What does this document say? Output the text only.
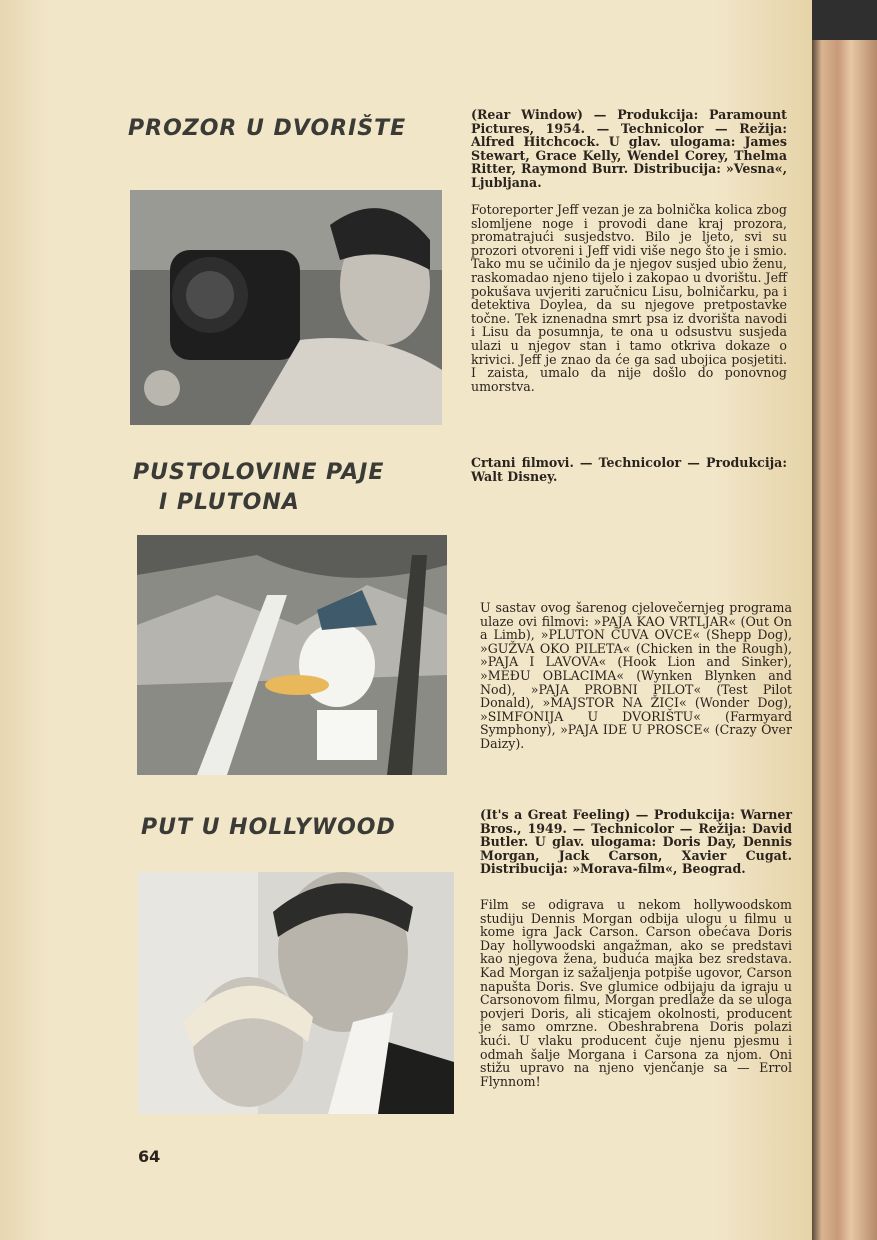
PROZOR U DVORIŠTE

(Rear Window) — Produkcija: Paramount Pictures, 1954. — Technicolor — Režija: Alfred Hitchcock. U glav. ulogama: James Stewart, Grace Kelly, Wendel Corey, Thelma Ritter, Raymond Burr. Distribucija: »Vesna«, Ljubljana.

Fotoreporter Jeff vezan je za bolnička kolica zbog slomljene noge i provodi dane kraj prozora, promatrajući susjedstvo. Bilo je ljeto, svi su prozori otvoreni i Jeff vidi više nego što je i smio. Tako mu se učinilo da je njegov susjed ubio ženu, raskomadao njeno tijelo i zakopao u dvorištu. Jeff pokušava uvjeriti zaručnicu Lisu, bolničarku, pa i detektiva Doylea, da su njegove pretpostavke točne. Tek iznenadna smrt psa iz dvorišta navodi i Lisu da posumnja, te ona u odsustvu susjeda ulazi u njegov stan i tamo otkriva dokaze o krivici. Jeff je znao da će ga sad ubojica posjetiti. I zaista, umalo da nije došlo do ponovnog umorstva.

PUSTOLOVINE PAJE
I PLUTONA

Crtani filmovi. — Technicolor — Produkcija: Walt Disney.

U sastav ovog šarenog cjelovečernjeg programa ulaze ovi filmovi: »PAJA KAO VRTLJAR« (Out On a Limb), »PLUTON ČUVA OVCE« (Shepp Dog), »GUŽVA OKO PILETA« (Chicken in the Rough), »PAJA I LAVOVA« (Hook Lion and Sinker), »MEĐU OBLACIMA« (Wynken Blynken and Nod), »PAJA PROBNI PILOT« (Test Pilot Donald), »MAJSTOR NA ŽICI« (Wonder Dog), »SIMFONIJA U DVORIŠTU« (Farmyard Symphony), »PAJA IDE U PROSCE« (Crazy Over Daizy).

PUT U HOLLYWOOD

(It's a Great Feeling) — Produkcija: Warner Bros., 1949. — Technicolor — Režija: David Butler. U glav. ulogama: Doris Day, Dennis Morgan, Jack Carson, Xavier Cugat. Distribucija: »Morava-film«, Beograd.

Film se odigrava u nekom hollywoodskom studiju Dennis Morgan odbija ulogu u filmu u kome igra Jack Carson. Carson obećava Doris Day hollywoodski angažman, ako se predstavi kao njegova žena, buduća majka bez sredstava. Kad Morgan iz sažaljenja potpiše ugovor, Carson napušta Doris. Sve glumice odbijaju da igraju u Carsonovom filmu, Morgan predlaže da se uloga povjeri Doris, ali sticajem okolnosti, producent je samo omrzne. Obeshrabrena Doris polazi kući. U vlaku producent čuje njenu pjesmu i odmah šalje Morgana i Carsona za njom. Oni stižu upravo na njeno vjenčanje sa — Errol Flynnom!

64
